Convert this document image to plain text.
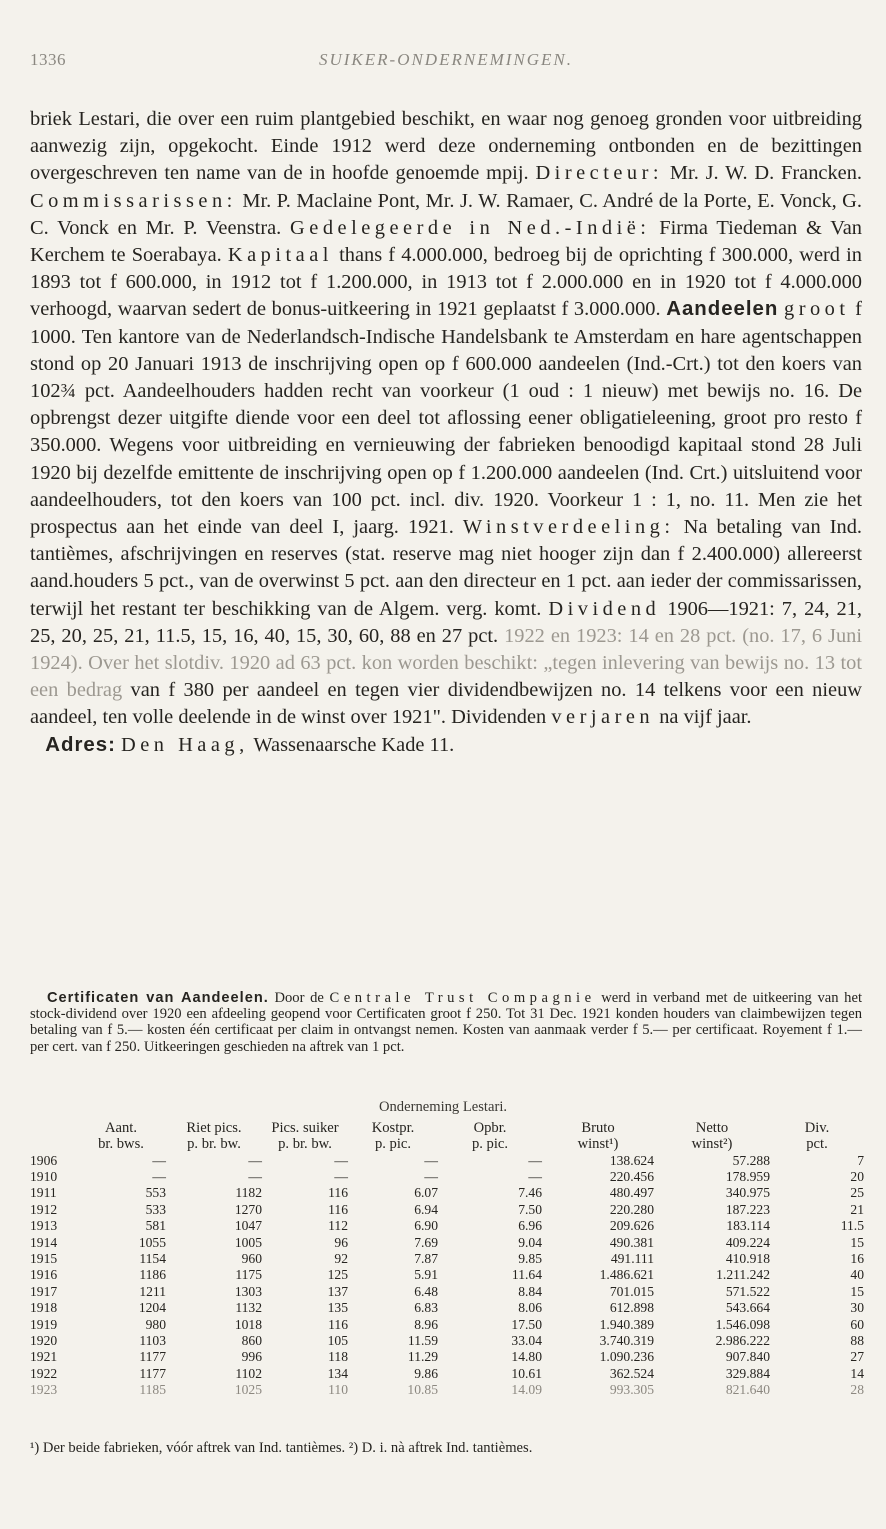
1336	SUIKER-ONDERNEMINGEN.

briek Lestari, die over een ruim plantgebied beschikt, en waar nog genoeg gronden voor uitbreiding aanwezig zijn, opgekocht. Einde 1912 werd deze onderneming ontbonden en de bezittingen overgeschreven ten name van de in hoofde genoemde mpij. Directeur: Mr. J. W. D. Francken. Commissarissen: Mr. P. Maclaine Pont, Mr. J. W. Ramaer, C. André de la Porte, E. Vonck, G. C. Vonck en Mr. P. Veenstra. Gedelegeerde in Ned.-Indië: Firma Tiedeman & Van Kerchem te Soerabaya. Kapitaal thans f 4.000.000, bedroeg bij de oprichting f 300.000, werd in 1893 tot f 600.000, in 1912 tot f 1.200.000, in 1913 tot f 2.000.000 en in 1920 tot f 4.000.000 verhoogd, waarvan sedert de bonus-uitkeering in 1921 geplaatst f 3.000.000. Aandeelen groot f 1000. Ten kantore van de Nederlandsch-Indische Handelsbank te Amsterdam en hare agentschappen stond op 20 Januari 1913 de inschrijving open op f 600.000 aandeelen (Ind.-Crt.) tot den koers van 102¾ pct. Aandeelhouders hadden recht van voorkeur (1 oud : 1 nieuw) met bewijs no. 16. De opbrengst dezer uitgifte diende voor een deel tot aflossing eener obligatieleening, groot pro resto f 350.000. Wegens voor uitbreiding en vernieuwing der fabrieken benoodigd kapitaal stond 28 Juli 1920 bij dezelfde emittente de inschrijving open op f 1.200.000 aandeelen (Ind. Crt.) uitsluitend voor aandeelhouders, tot den koers van 100 pct. incl. div. 1920. Voorkeur 1 : 1, no. 11. Men zie het prospectus aan het einde van deel I, jaarg. 1921. Winstverdeeling: Na betaling van Ind. tantièmes, afschrijvingen en reserves (stat. reserve mag niet hooger zijn dan f 2.400.000) allereerst aand.houders 5 pct., van de overwinst 5 pct. aan den directeur en 1 pct. aan ieder der commissarissen, terwijl het restant ter beschikking van de Algem. verg. komt. Dividend 1906—1921: 7, 24, 21, 25, 20, 25, 21, 11.5, 15, 16, 40, 15, 30, 60, 88 en 27 pct. 1922 en 1923: 14 en 28 pct. (no. 17, 6 Juni 1924). Over het slotdiv. 1920 ad 63 pct. kon worden beschikt: „tegen inlevering van bewijs no. 13 tot een bedrag van f 380 per aandeel en tegen vier dividendbewijzen no. 14 telkens voor een nieuw aandeel, ten volle deelende in de winst over 1921". Dividenden verjaren na vijf jaar.

Adres: Den Haag, Wassenaarsche Kade 11.

Certificaten van Aandeelen. Door de Centrale Trust Compagnie werd in verband met de uitkeering van het stock-dividend over 1920 een afdeeling geopend voor Certificaten groot f 250. Tot 31 Dec. 1921 konden houders van claimbewijzen tegen betaling van f 5.— kosten één certificaat per claim in ontvangst nemen. Kosten van aanmaak verder f 5.— per certificaat. Royement f 1.— per cert. van f 250. Uitkeeringen geschieden na aftrek van 1 pct.

Onderneming Lestari.
	Aant.	Riet pics.	Pics. suiker	Kostpr.	Opbr.	Bruto	Netto	Div.
	br. bws.	p. br. bw.	p. br. bw.	p. pic.	p. pic.	winst¹)	winst²)	pct.
1906	—	—	—	—	—	138.624	57.288	7
1910	—	—	—	—	—	220.456	178.959	20
1911	553	1182	116	6.07	7.46	480.497	340.975	25
1912	533	1270	116	6.94	7.50	220.280	187.223	21
1913	581	1047	112	6.90	6.96	209.626	183.114	11.5
1914	1055	1005	96	7.69	9.04	490.381	409.224	15
1915	1154	960	92	7.87	9.85	491.111	410.918	16
1916	1186	1175	125	5.91	11.64	1.486.621	1.211.242	40
1917	1211	1303	137	6.48	8.84	701.015	571.522	15
1918	1204	1132	135	6.83	8.06	612.898	543.664	30
1919	980	1018	116	8.96	17.50	1.940.389	1.546.098	60
1920	1103	860	105	11.59	33.04	3.740.319	2.986.222	88
1921	1177	996	118	11.29	14.80	1.090.236	907.840	27
1922	1177	1102	134	9.86	10.61	362.524	329.884	14
1923	1185	1025	110	10.85	14.09	993.305	821.640	28

¹) Der beide fabrieken, vóór aftrek van Ind. tantièmes. ²) D. i. nà aftrek Ind. tantièmes.
